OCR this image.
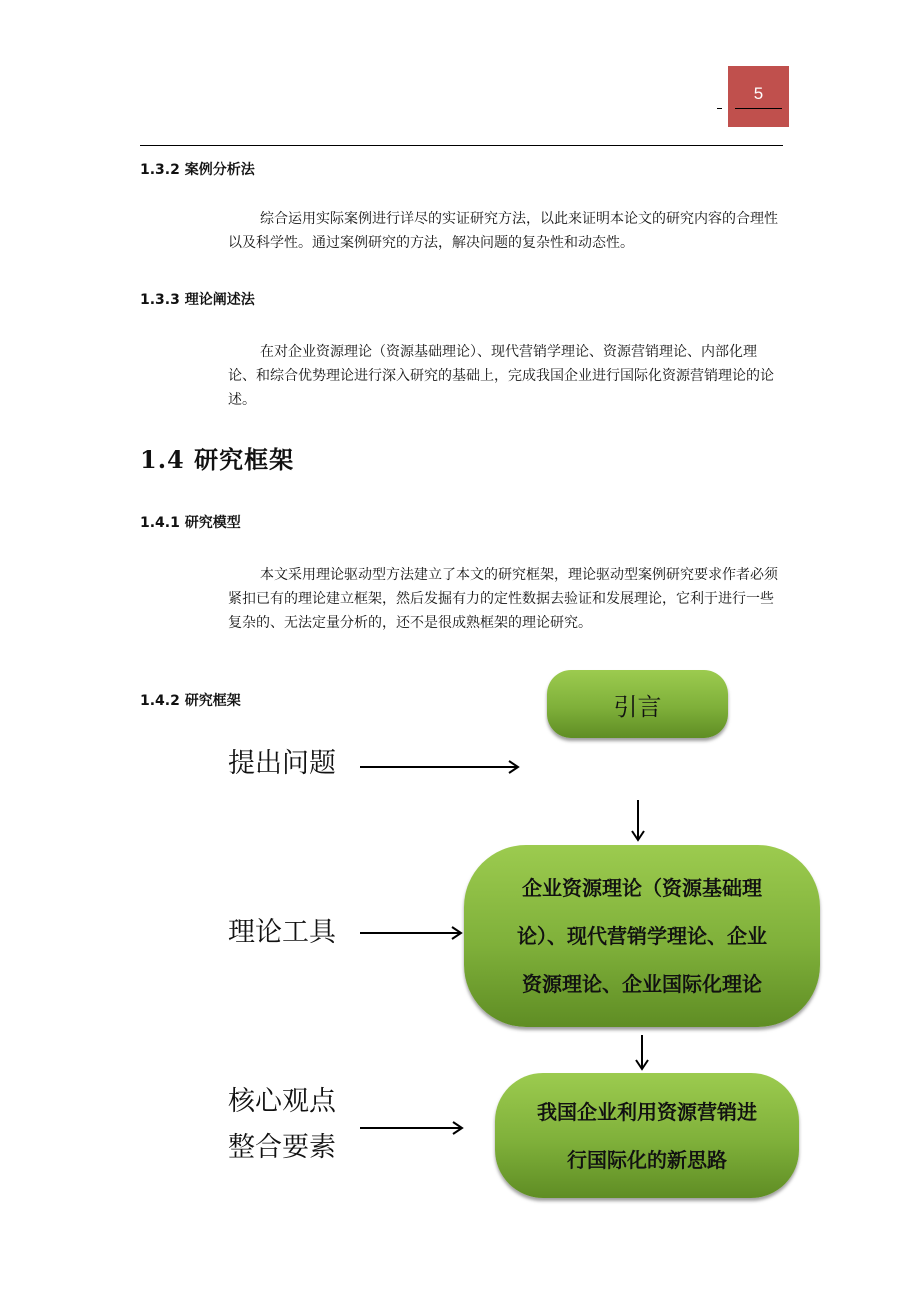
5
1.3.2 案例分析法
综合运用实际案例进行详尽的实证研究方法，以此来证明本论文的研究内容的合理性以及科学性。通过案例研究的方法，解决问题的复杂性和动态性。
1.3.3 理论阐述法
在对企业资源理论（资源基础理论）、现代营销学理论、资源营销理论、内部化理论、和综合优势理论进行深入研究的基础上，完成我国企业进行国际化资源营销理论的论述。
1.4 研究框架
1.4.1 研究模型
本文采用理论驱动型方法建立了本文的研究框架，理论驱动型案例研究要求作者必须紧扣已有的理论建立框架，然后发掘有力的定性数据去验证和发展理论，它利于进行一些复杂的、无法定量分析的，还不是很成熟框架的理论研究。
1.4.2 研究框架
提出问题
理论工具
核心观点
整合要素
引言
企业资源理论（资源基础理
论）、现代营销学理论、企业
资源理论、企业国际化理论
我国企业利用资源营销进
行国际化的新思路
